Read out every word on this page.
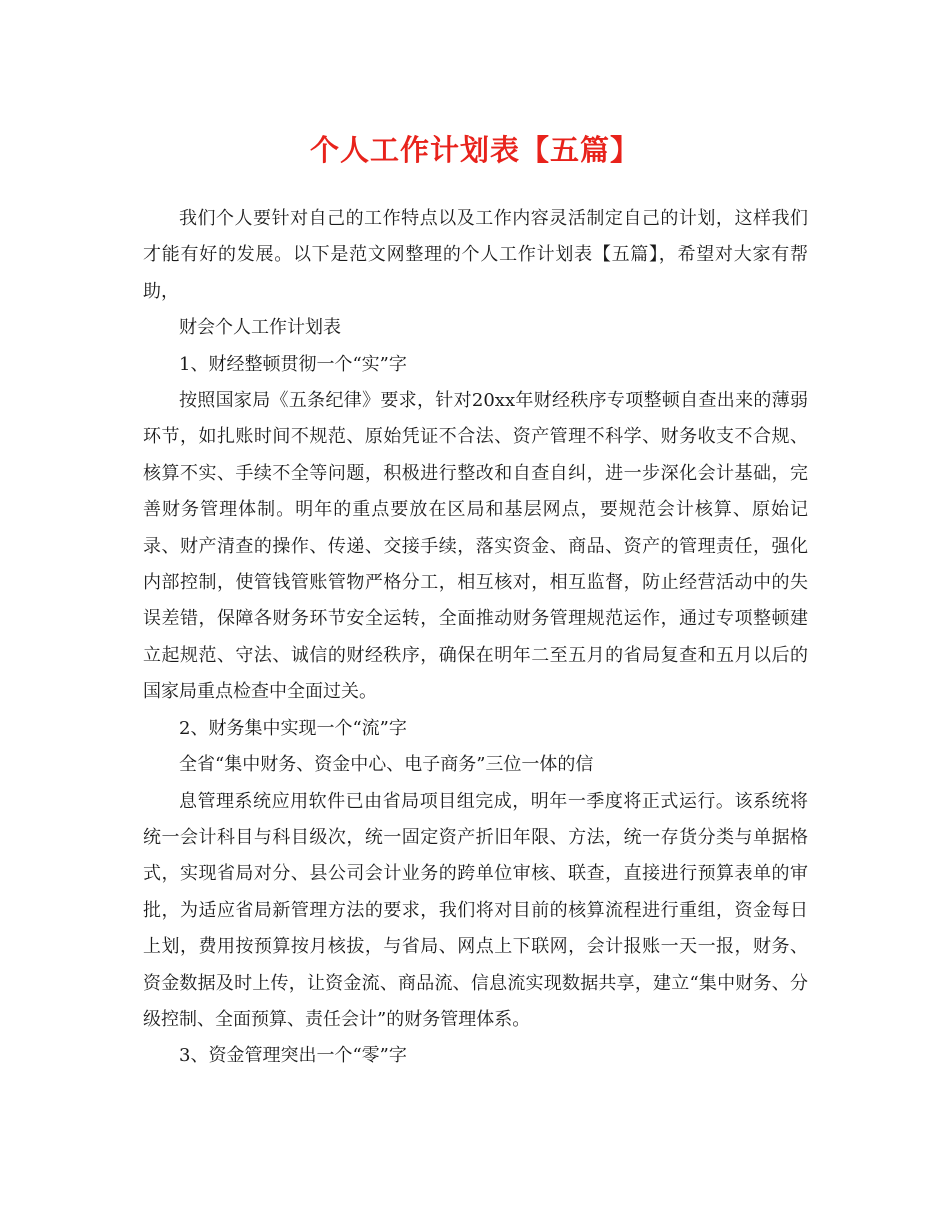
个人工作计划表【五篇】

我们个人要针对自己的工作特点以及工作内容灵活制定自己的计划，这样我们才能有好的发展。以下是范文网整理的个人工作计划表【五篇】，希望对大家有帮助，

财会个人工作计划表

1、财经整顿贯彻一个“实”字

按照国家局《五条纪律》要求，针对20xx年财经秩序专项整顿自查出来的薄弱环节，如扎账时间不规范、原始凭证不合法、资产管理不科学、财务收支不合规、核算不实、手续不全等问题，积极进行整改和自查自纠，进一步深化会计基础，完善财务管理体制。明年的重点要放在区局和基层网点，要规范会计核算、原始记录、财产清查的操作、传递、交接手续，落实资金、商品、资产的管理责任，强化内部控制，使管钱管账管物严格分工，相互核对，相互监督，防止经营活动中的失误差错，保障各财务环节安全运转，全面推动财务管理规范运作，通过专项整顿建立起规范、守法、诚信的财经秩序，确保在明年二至五月的省局复查和五月以后的国家局重点检查中全面过关。

2、财务集中实现一个“流”字

全省“集中财务、资金中心、电子商务”三位一体的信

息管理系统应用软件已由省局项目组完成，明年一季度将正式运行。该系统将统一会计科目与科目级次，统一固定资产折旧年限、方法，统一存货分类与单据格式，实现省局对分、县公司会计业务的跨单位审核、联查，直接进行预算表单的审批，为适应省局新管理方法的要求，我们将对目前的核算流程进行重组，资金每日上划，费用按预算按月核拔，与省局、网点上下联网，会计报账一天一报，财务、资金数据及时上传，让资金流、商品流、信息流实现数据共享，建立“集中财务、分级控制、全面预算、责任会计”的财务管理体系。

3、资金管理突出一个“零”字
